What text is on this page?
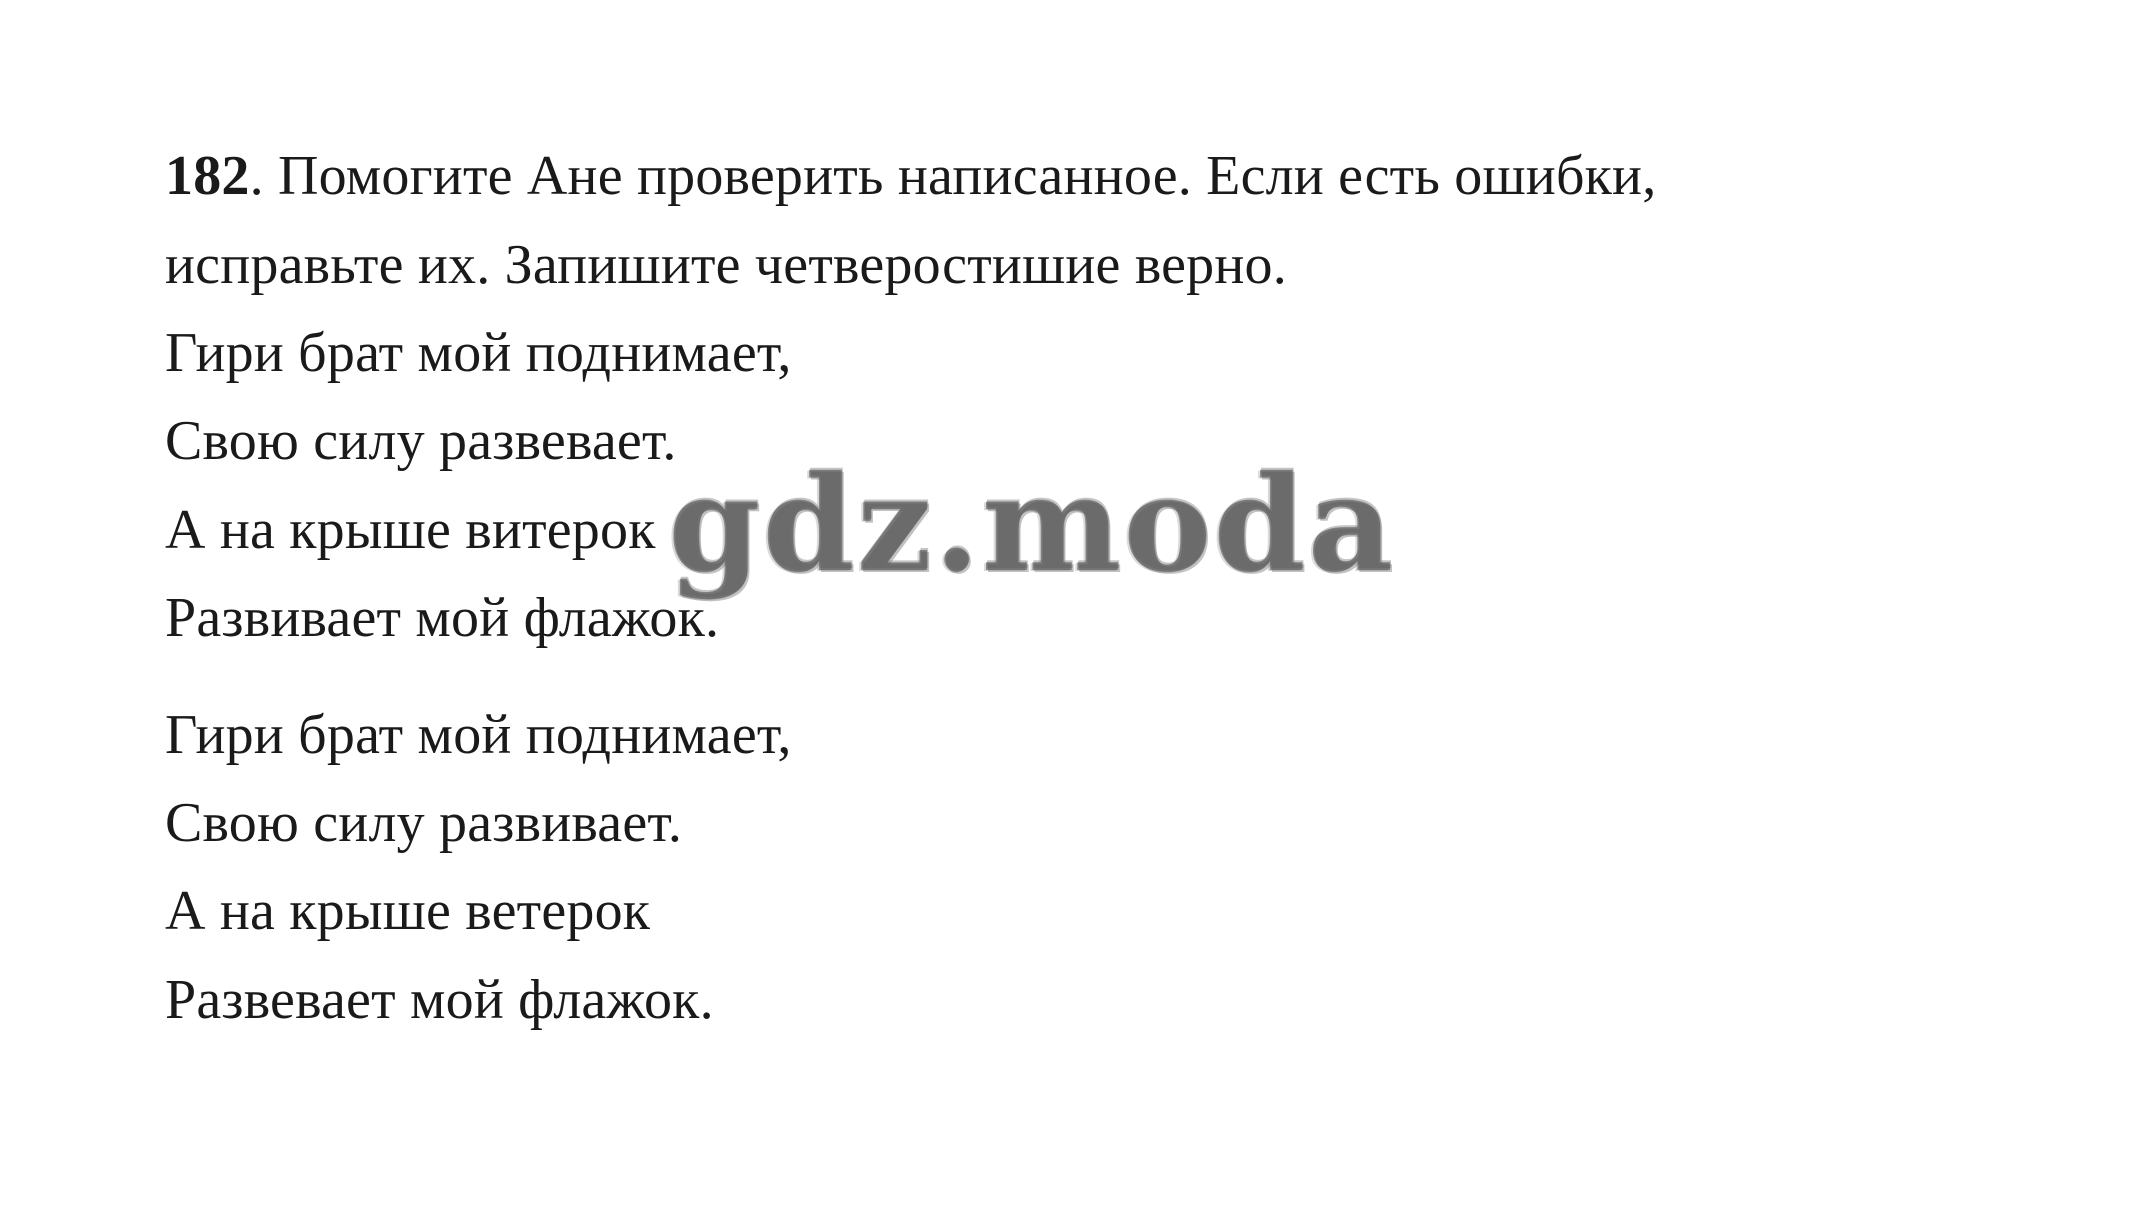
182. Помогите Ане проверить написанное. Если есть ошибки,
исправьте их. Запишите четверостишие верно.
Гири брат мой поднимает,
Свою силу развевает.
А на крыше витерок
Развивает мой флажок.
Гири брат мой поднимает,
Свою силу развивает.
А на крыше ветерок
Развевает мой флажок.
gdz.moda
